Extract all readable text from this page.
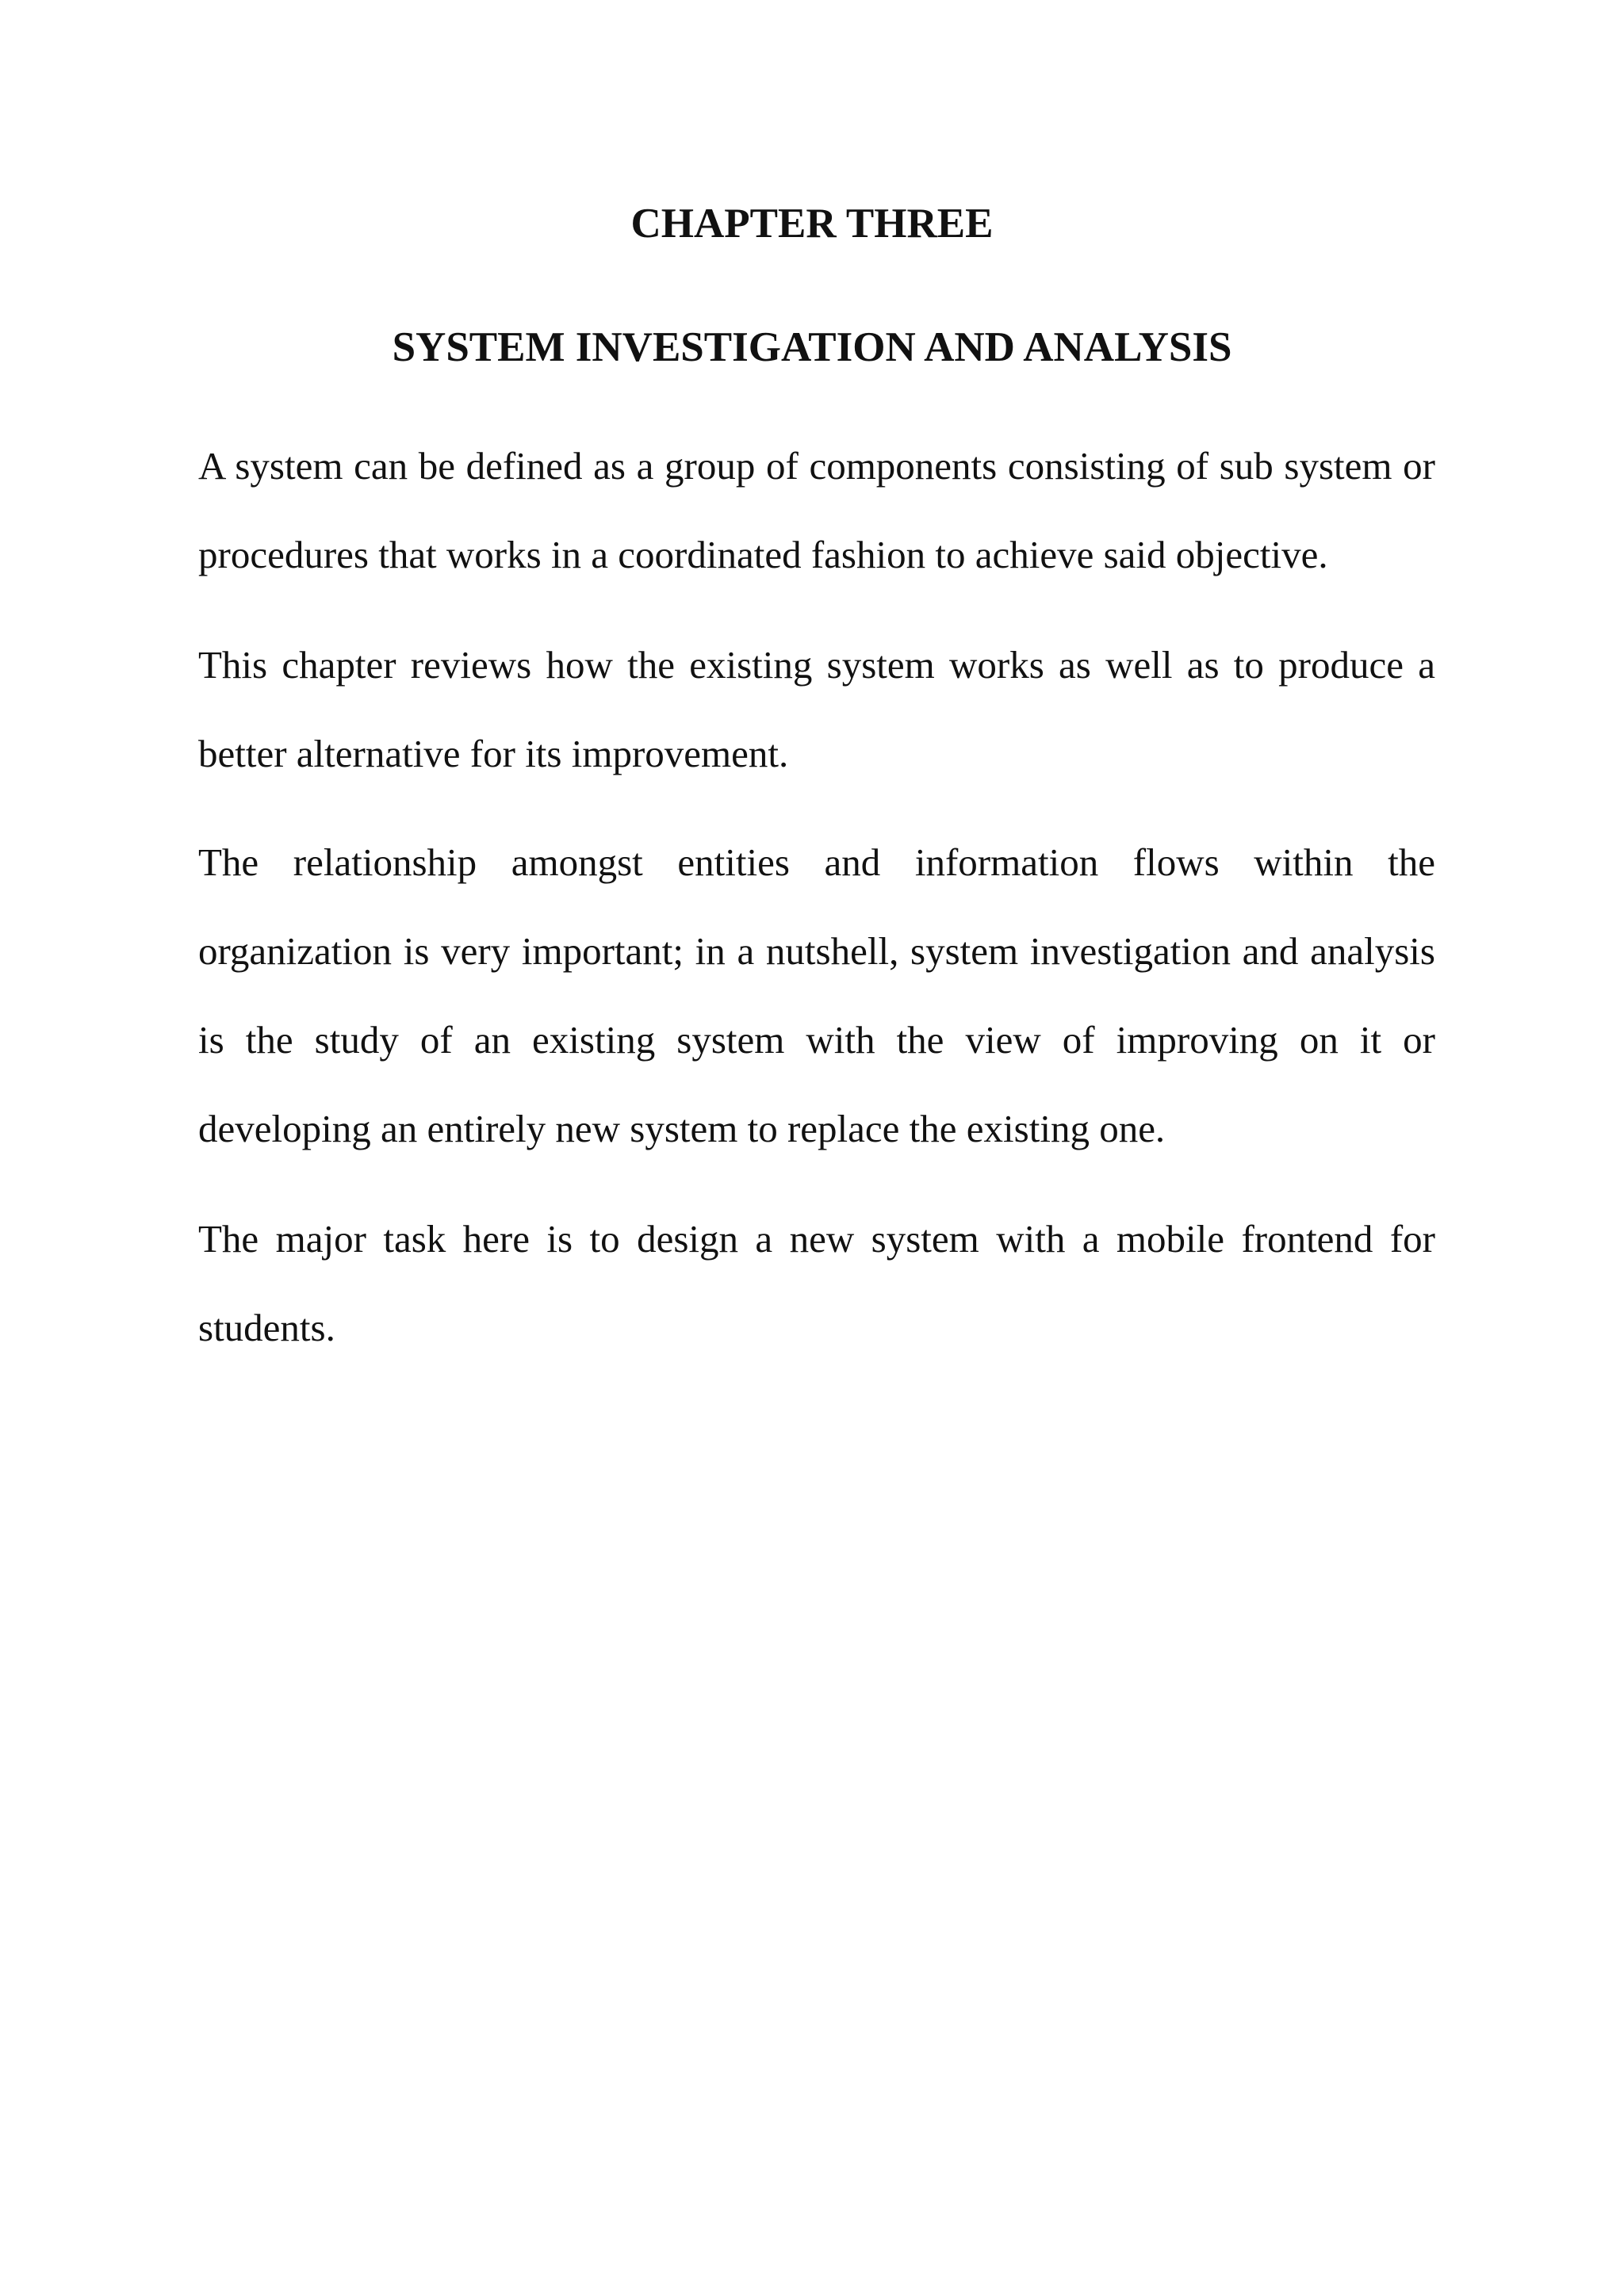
CHAPTER THREE
SYSTEM INVESTIGATION AND ANALYSIS

A system can be defined as a group of components consisting of sub system or procedures that works in a coordinated fashion to achieve said objective.

This chapter reviews how the existing system works as well as to produce a better alternative for its improvement.

The relationship amongst entities and information flows within the organization is very important; in a nutshell, system investigation and analysis is the study of an existing system with the view of improving on it or developing an entirely new system to replace the existing one.

The major task here is to design a new system with a mobile frontend for students.
